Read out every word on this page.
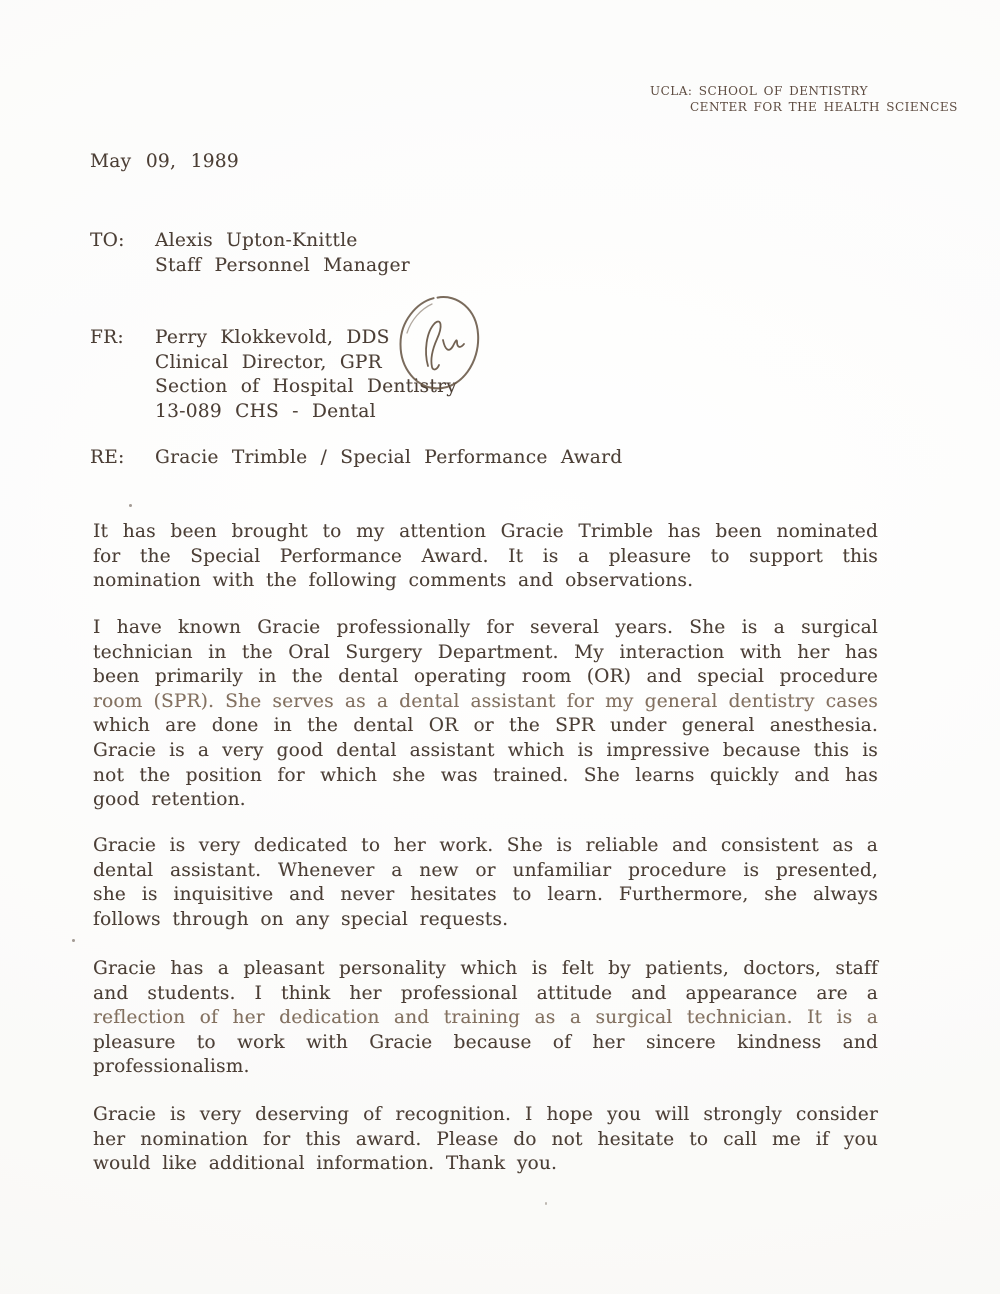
UCLA: SCHOOL OF DENTISTRY
CENTER FOR THE HEALTH SCIENCES
May 09, 1989
TO: Alexis Upton-Knittle
Staff Personnel Manager
FR: Perry Klokkevold, DDS
Clinical Director, GPR
Section of Hospital Dentistry
13-089 CHS - Dental
RE: Gracie Trimble / Special Performance Award
It has been brought to my attention Gracie Trimble has been nominated
for the Special Performance Award. It is a pleasure to support this
nomination with the following comments and observations.
I have known Gracie professionally for several years. She is a surgical
technician in the Oral Surgery Department. My interaction with her has
been primarily in the dental operating room (OR) and special procedure
room (SPR). She serves as a dental assistant for my general dentistry cases
which are done in the dental OR or the SPR under general anesthesia.
Gracie is a very good dental assistant which is impressive because this is
not the position for which she was trained. She learns quickly and has
good retention.
Gracie is very dedicated to her work. She is reliable and consistent as a
dental assistant. Whenever a new or unfamiliar procedure is presented,
she is inquisitive and never hesitates to learn. Furthermore, she always
follows through on any special requests.
Gracie has a pleasant personality which is felt by patients, doctors, staff
and students. I think her professional attitude and appearance are a
reflection of her dedication and training as a surgical technician. It is a
pleasure to work with Gracie because of her sincere kindness and
professionalism.
Gracie is very deserving of recognition. I hope you will strongly consider
her nomination for this award. Please do not hesitate to call me if you
would like additional information. Thank you.
